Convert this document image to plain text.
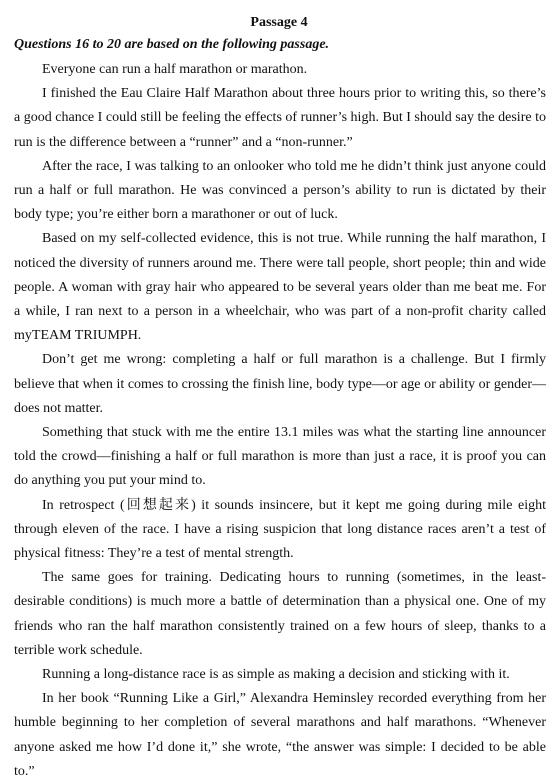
Passage 4
Questions 16 to 20 are based on the following passage.

Everyone can run a half marathon or marathon.

I finished the Eau Claire Half Marathon about three hours prior to writing this, so there’s a good chance I could still be feeling the effects of runner’s high. But I should say the desire to run is the difference between a “runner” and a “non-runner.”

After the race, I was talking to an onlooker who told me he didn’t think just anyone could run a half or full marathon. He was convinced a person’s ability to run is dictated by their body type; you’re either born a marathoner or out of luck.

Based on my self-collected evidence, this is not true. While running the half marathon, I noticed the diversity of runners around me. There were tall people, short people; thin and wide people. A woman with gray hair who appeared to be several years older than me beat me. For a while, I ran next to a person in a wheelchair, who was part of a non-profit charity called myTEAM TRIUMPH.

Don’t get me wrong: completing a half or full marathon is a challenge. But I firmly believe that when it comes to crossing the finish line, body type—or age or ability or gender—does not matter.

Something that stuck with me the entire 13.1 miles was what the starting line announcer told the crowd—finishing a half or full marathon is more than just a race, it is proof you can do anything you put your mind to.

In retrospect (回想起来) it sounds insincere, but it kept me going during mile eight through eleven of the race. I have a rising suspicion that long distance races aren’t a test of physical fitness: They’re a test of mental strength.

The same goes for training. Dedicating hours to running (sometimes, in the least-desirable conditions) is much more a battle of determination than a physical one. One of my friends who ran the half marathon consistently trained on a few hours of sleep, thanks to a terrible work schedule.

Running a long-distance race is as simple as making a decision and sticking with it.

In her book “Running Like a Girl,” Alexandra Heminsley recorded everything from her humble beginning to her completion of several marathons and half marathons. “Whenever anyone asked me how I’d done it,” she wrote, “the answer was simple: I decided to be able to.”
